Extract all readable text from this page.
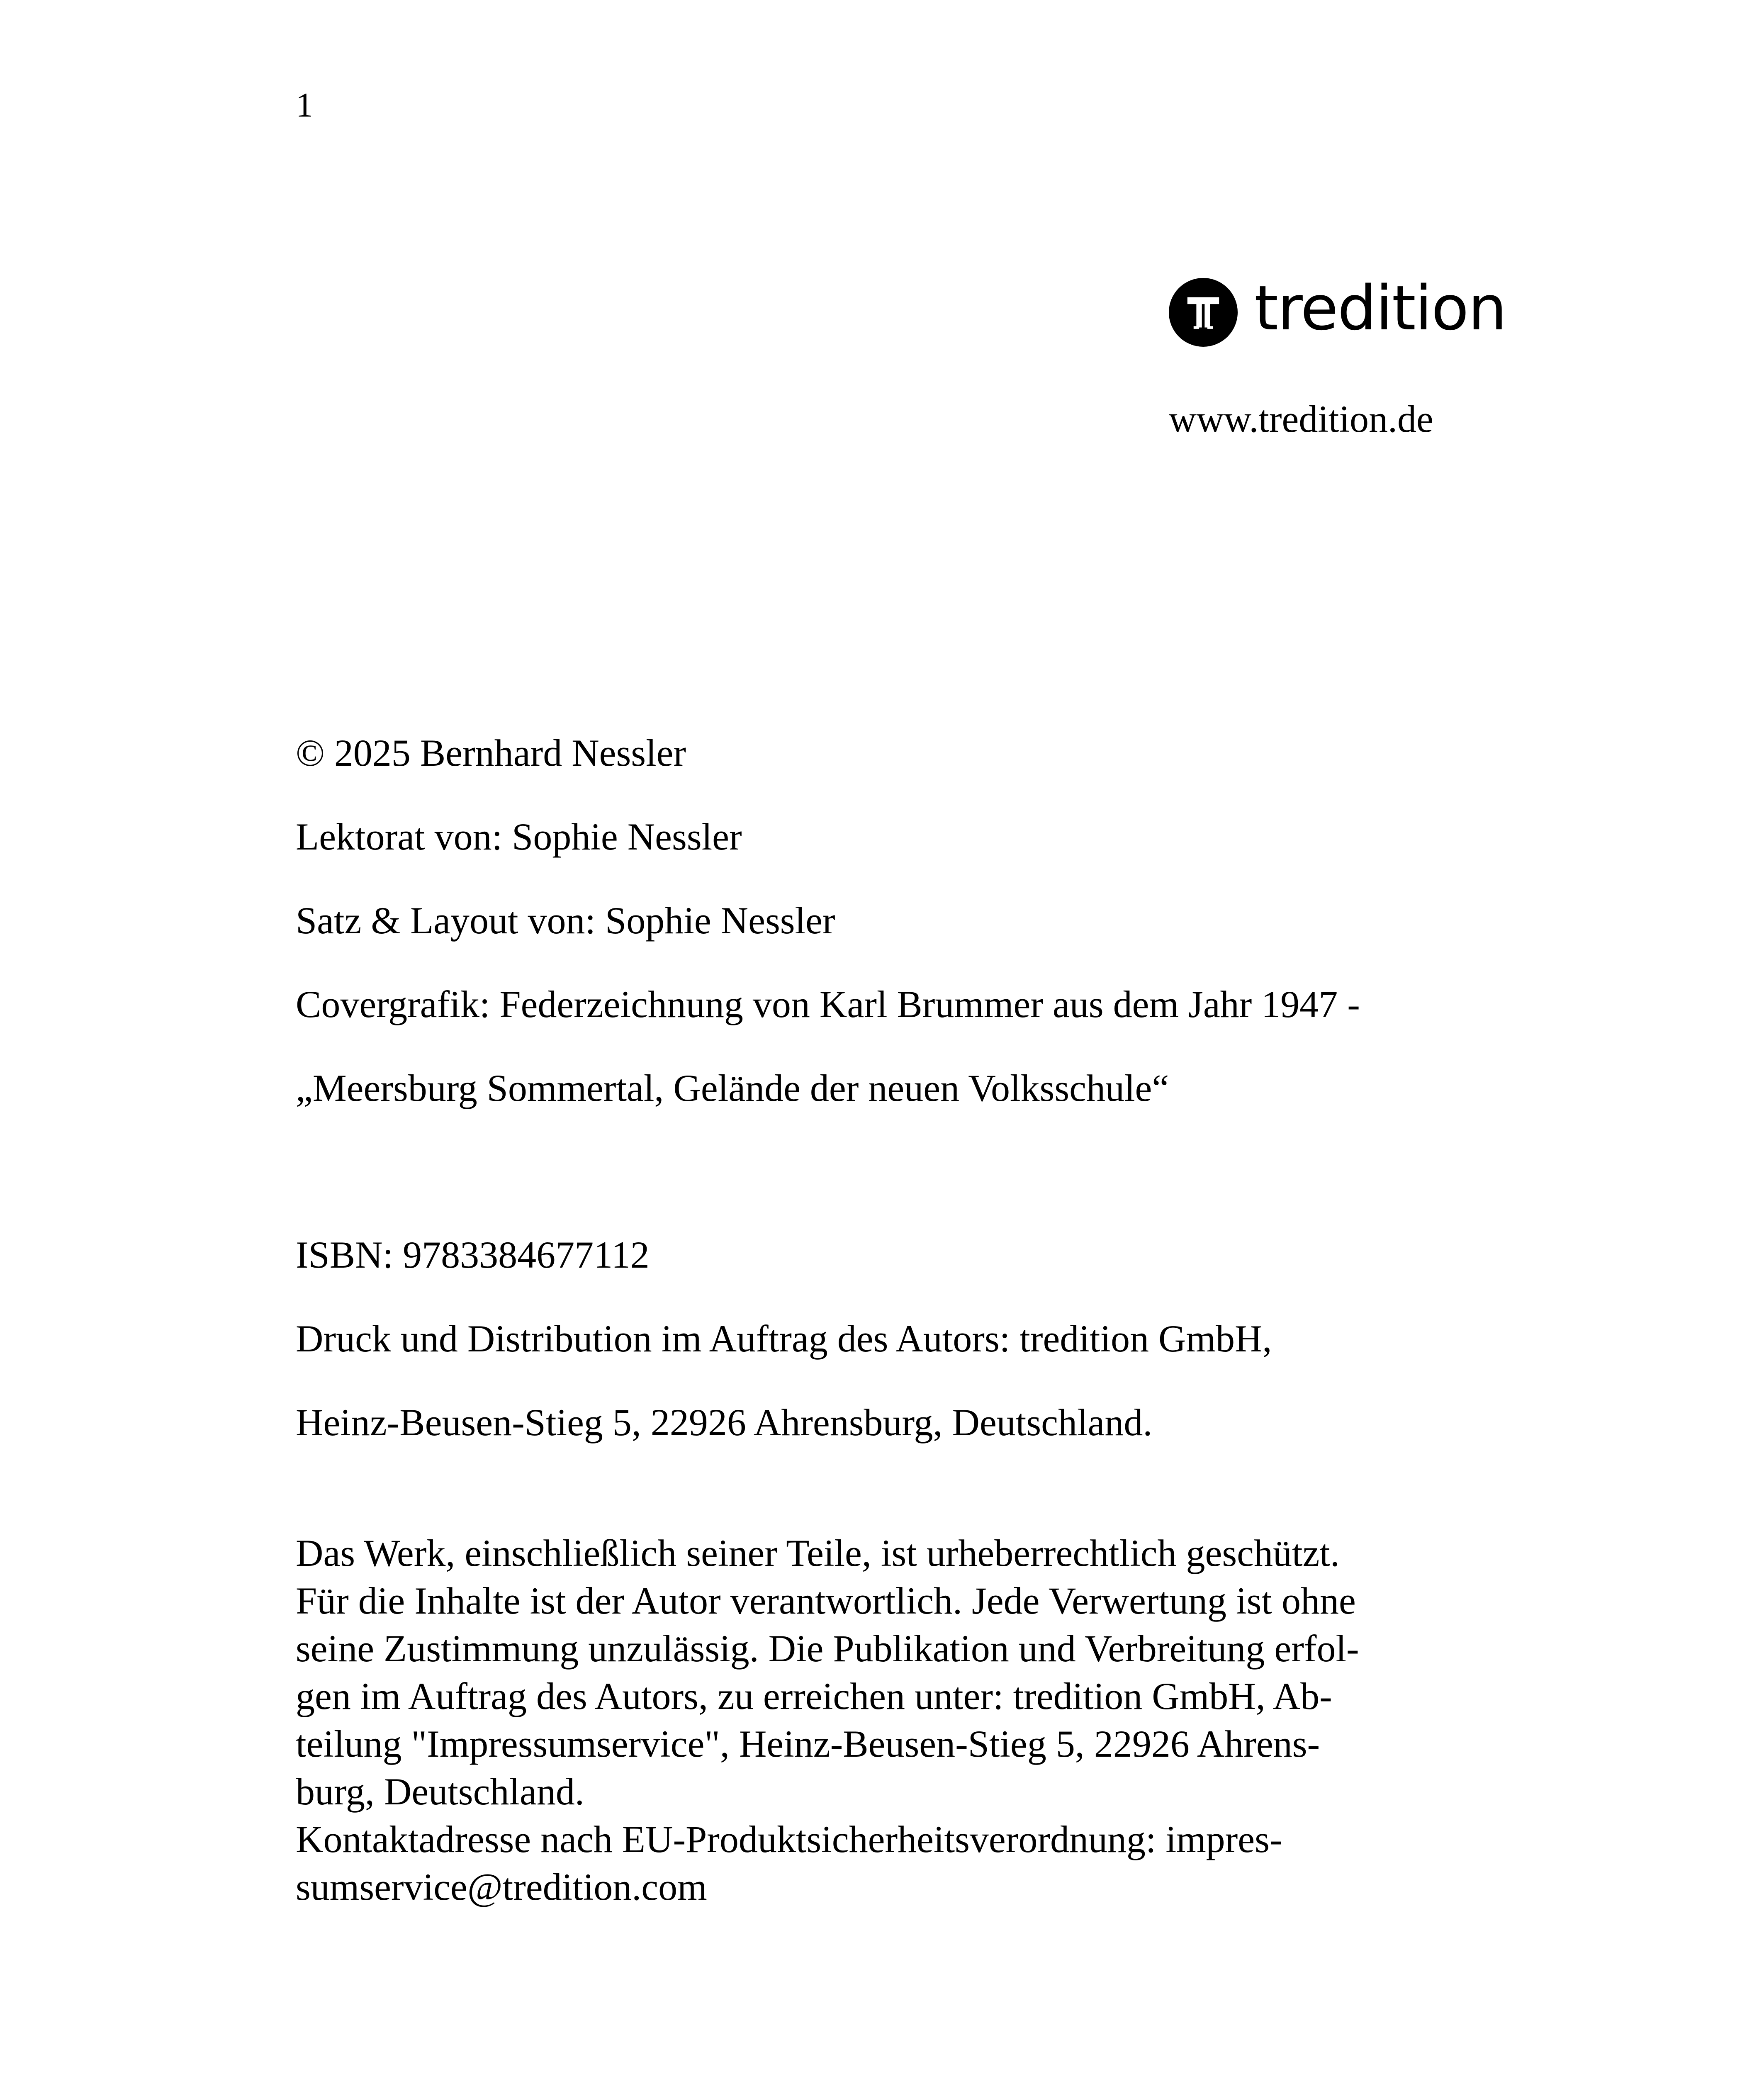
1
tredition
www.tredition.de
© 2025 Bernhard Nessler
Lektorat von: Sophie Nessler
Satz & Layout von: Sophie Nessler
Covergrafik: Federzeichnung von Karl Brummer aus dem Jahr 1947 -
„Meersburg Sommertal, Gelände der neuen Volksschule“
ISBN: 9783384677112
Druck und Distribution im Auftrag des Autors: tredition GmbH,
Heinz-Beusen-Stieg 5, 22926 Ahrensburg, Deutschland.
Das Werk, einschließlich seiner Teile, ist urheberrechtlich geschützt.
Für die Inhalte ist der Autor verantwortlich. Jede Verwertung ist ohne
seine Zustimmung unzulässig. Die Publikation und Verbreitung erfol-
gen im Auftrag des Autors, zu erreichen unter: tredition GmbH, Ab-
teilung "Impressumservice", Heinz-Beusen-Stieg 5, 22926 Ahrens-
burg, Deutschland.
Kontaktadresse nach EU-Produktsicherheitsverordnung: impres-
sumservice@tredition.com
